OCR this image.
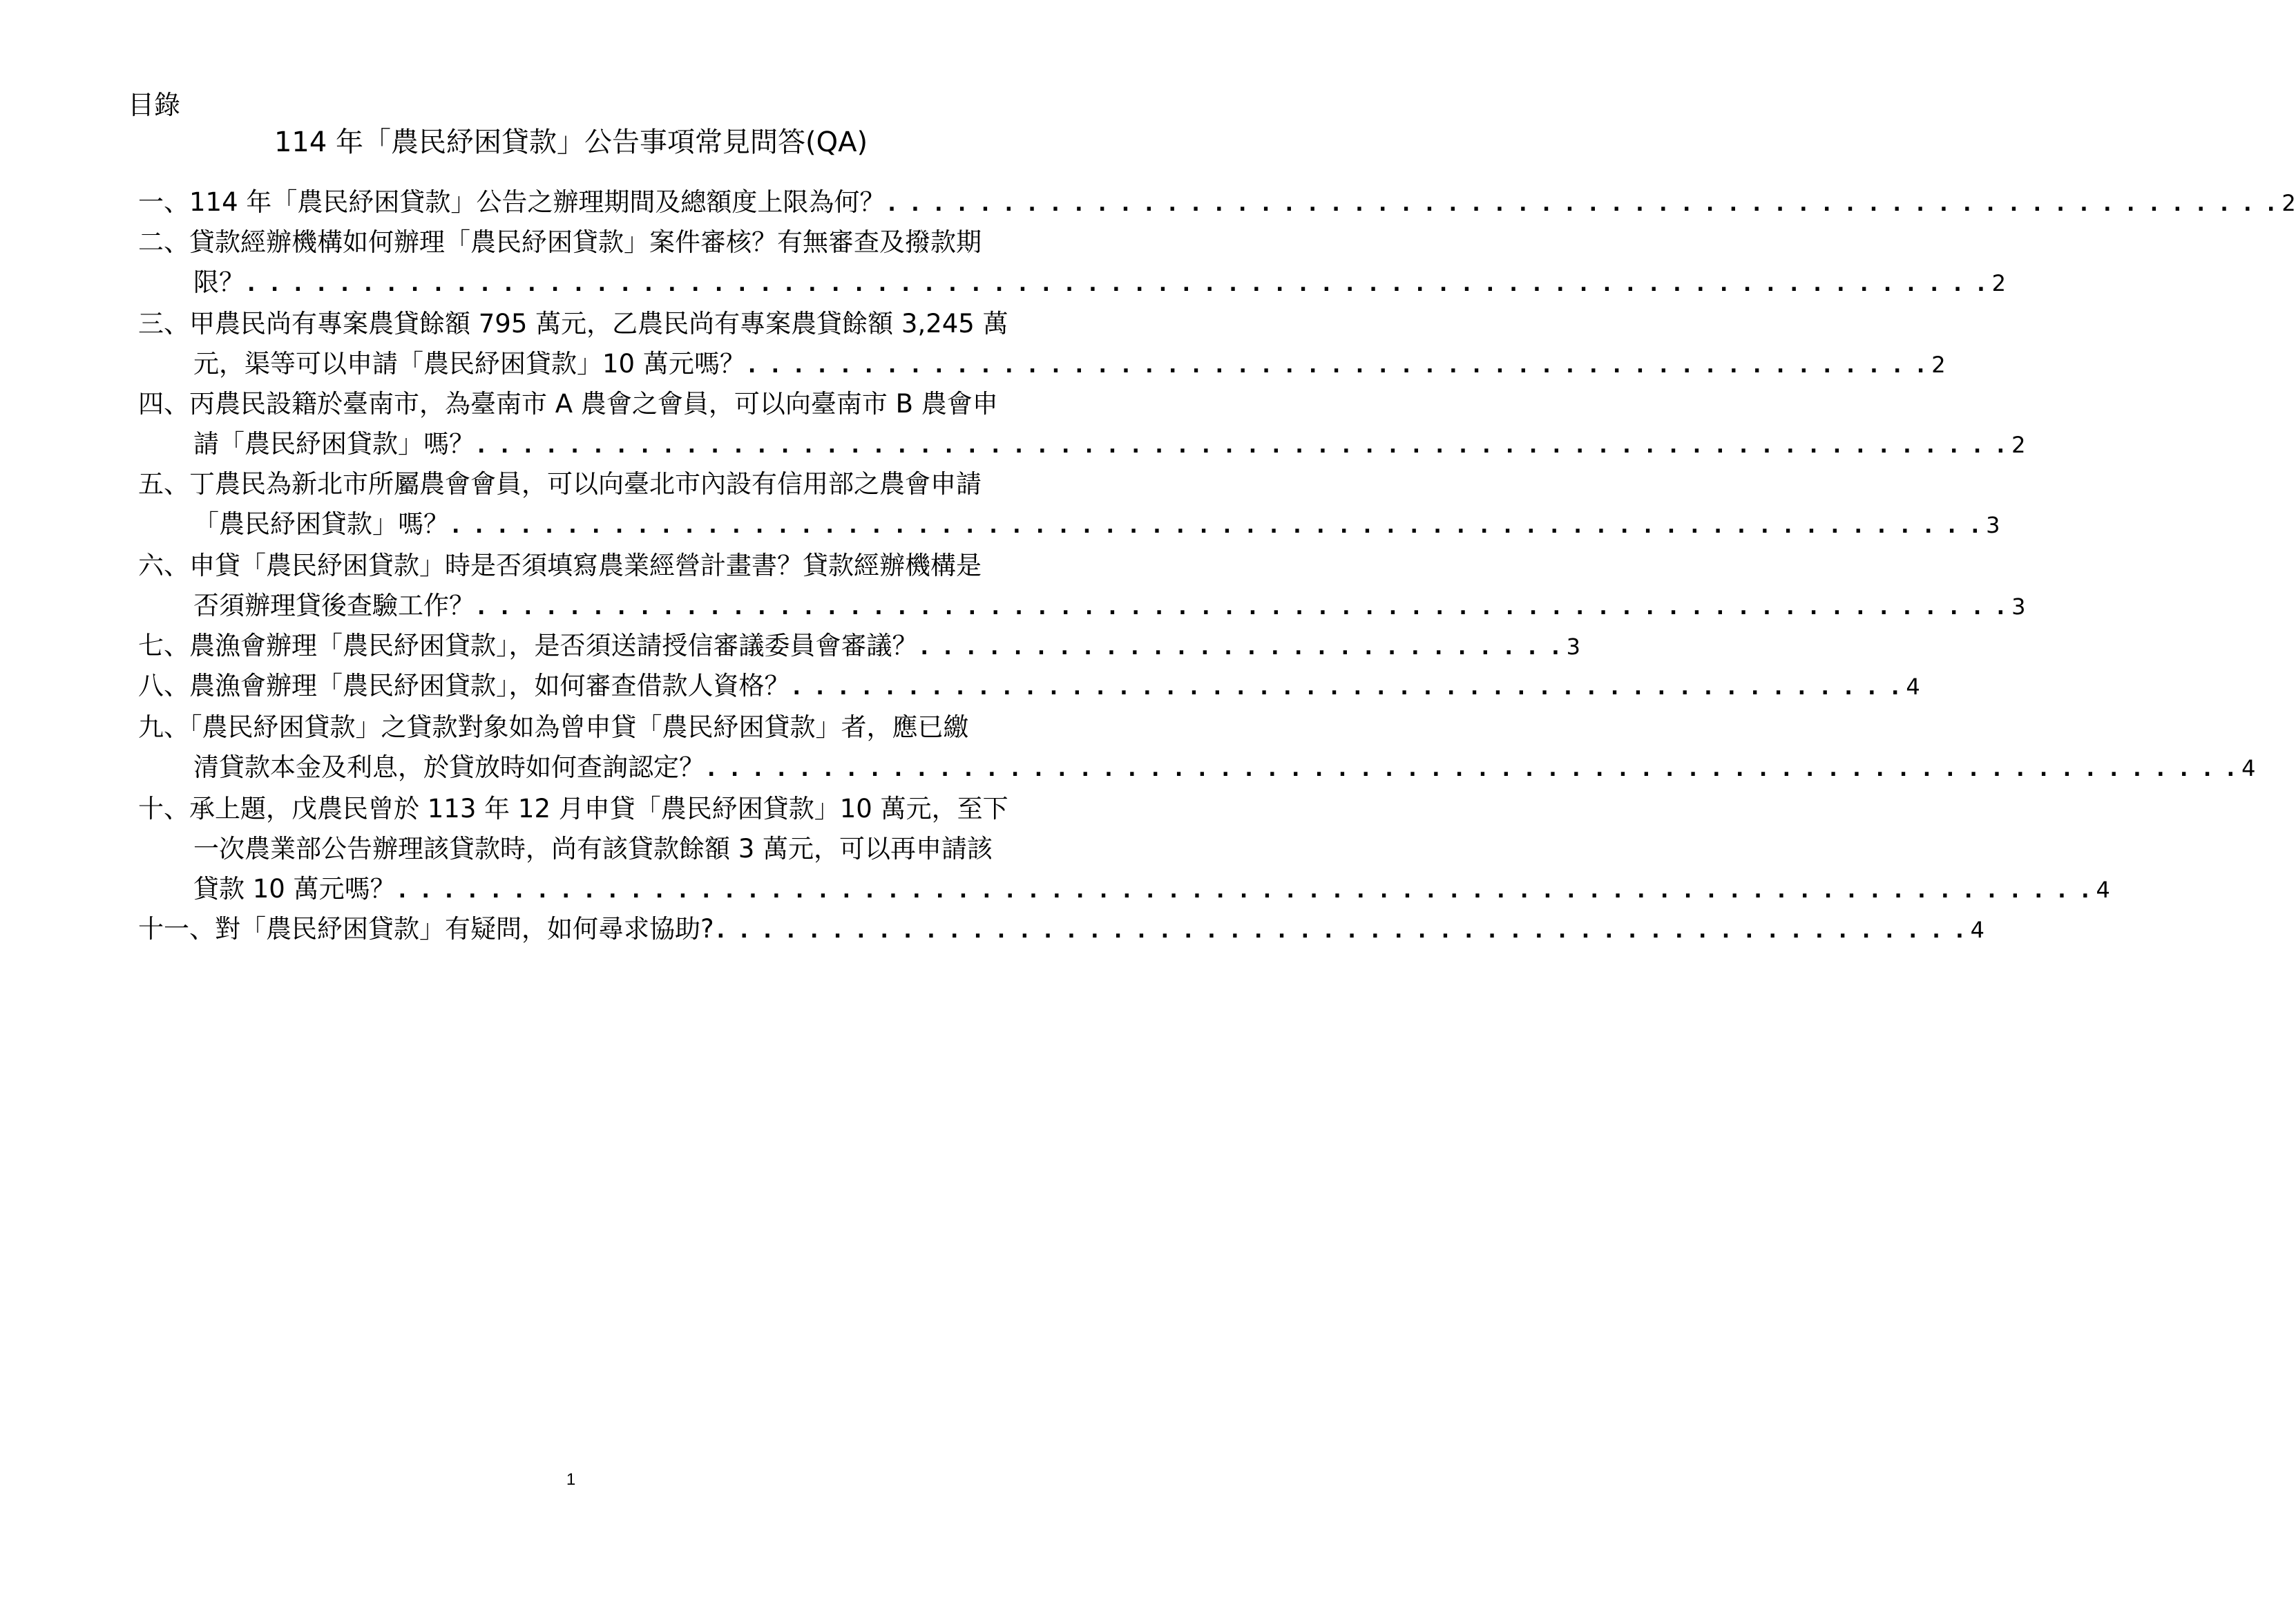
目錄
114 年「農民紓困貸款」公告事項常見問答(QA)
一、114 年「農民紓困貸款」公告之辦理期間及總額度上限為何？ . . . . . . . . . . . . . . . . . . . . . . . . . . . . . . . . . . . . . . . . . . . . . . . . . . . . . . . . . . . . 2
二、貸款經辦機構如何辦理「農民紓困貸款」案件審核？有無審查及撥款期
限？ . . . . . . . . . . . . . . . . . . . . . . . . . . . . . . . . . . . . . . . . . . . . . . . . . . . . . . . . . . . . . . . . . . . . . . . . . . . 2
三、甲農民尚有專案農貸餘額 795 萬元，乙農民尚有專案農貸餘額 3,245 萬
元，渠等可以申請「農民紓困貸款」10 萬元嗎？ . . . . . . . . . . . . . . . . . . . . . . . . . . . . . . . . . . . . . . . . . . . . . . . . . . . 2
四、丙農民設籍於臺南市，為臺南市 A 農會之會員，可以向臺南市 B 農會申
請「農民紓困貸款」嗎？ . . . . . . . . . . . . . . . . . . . . . . . . . . . . . . . . . . . . . . . . . . . . . . . . . . . . . . . . . . . . . . . . . . 2
五、丁農民為新北市所屬農會會員，可以向臺北市內設有信用部之農會申請
「農民紓困貸款」嗎？ . . . . . . . . . . . . . . . . . . . . . . . . . . . . . . . . . . . . . . . . . . . . . . . . . . . . . . . . . . . . . . . . . . 3
六、申貸「農民紓困貸款」時是否須填寫農業經營計畫書？貸款經辦機構是
否須辦理貸後查驗工作？ . . . . . . . . . . . . . . . . . . . . . . . . . . . . . . . . . . . . . . . . . . . . . . . . . . . . . . . . . . . . . . . . . . 3
七、農漁會辦理「農民紓困貸款」，是否須送請授信審議委員會審議？ . . . . . . . . . . . . . . . . . . . . . . . . . . . . 3
八、農漁會辦理「農民紓困貸款」，如何審查借款人資格？ . . . . . . . . . . . . . . . . . . . . . . . . . . . . . . . . . . . . . . . . . . . . . . . . 4
九、「農民紓困貸款」之貸款對象如為曾申貸「農民紓困貸款」者，應已繳
清貸款本金及利息，於貸放時如何查詢認定？ . . . . . . . . . . . . . . . . . . . . . . . . . . . . . . . . . . . . . . . . . . . . . . . . . . . . . . . . . . . . . . . . . . 4
十、承上題，戊農民曾於 113 年 12 月申貸「農民紓困貸款」10 萬元，至下
一次農業部公告辦理該貸款時，尚有該貸款餘額 3 萬元，可以再申請該
貸款 10 萬元嗎？ . . . . . . . . . . . . . . . . . . . . . . . . . . . . . . . . . . . . . . . . . . . . . . . . . . . . . . . . . . . . . . . . . . . . . . . . . 4
十一、對「農民紓困貸款」有疑問，如何尋求協助? . . . . . . . . . . . . . . . . . . . . . . . . . . . . . . . . . . . . . . . . . . . . . . . . . . . . . . 4
1
